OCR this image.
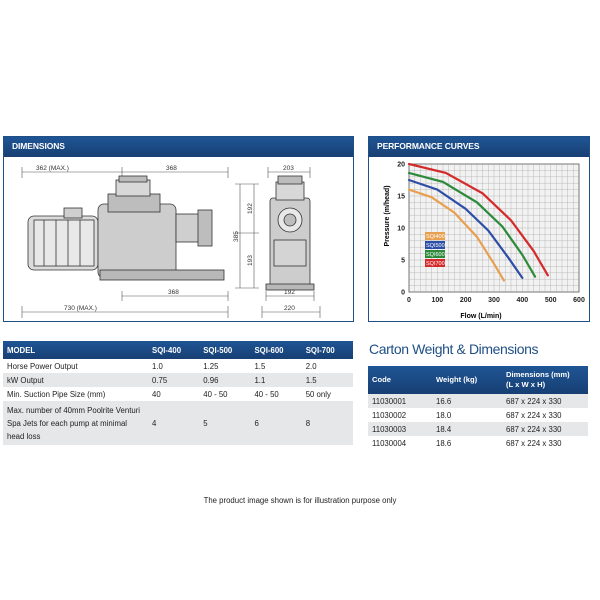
DIMENSIONS
362 (MAX.)	368
368
730 (MAX.)
203
192
220
192
385
193
PERFORMANCE CURVES
SQI400
SQI500
SQI600
SQI700
0	100 200 300 400 500 600
0
5
10
15
20
Flow (L/min)
Pressure (m/head)
MODEL	SQI-400	SQI-500	SQI-600	SQI-700
Horse Power Output	1.0	1.25	1.5	2.0
kW Output	0.75	0.96	1.1	1.5
Min. Suction Pipe Size (mm)	40	40 - 50	40 - 50	50 only
Max. number of 40mm Poolrite Venturi Spa Jets for each pump at minimal head loss	4	5	6	8
Carton Weight & Dimensions
Code	Weight (kg)	Dimensions (mm)
(L x W x H)
11030001	16.6	687 x 224 x 330
11030002	18.0	687 x 224 x 330
11030003	18.4	687 x 224 x 330
11030004	18.6	687 x 224 x 330
The product image shown is for illustration purpose only
